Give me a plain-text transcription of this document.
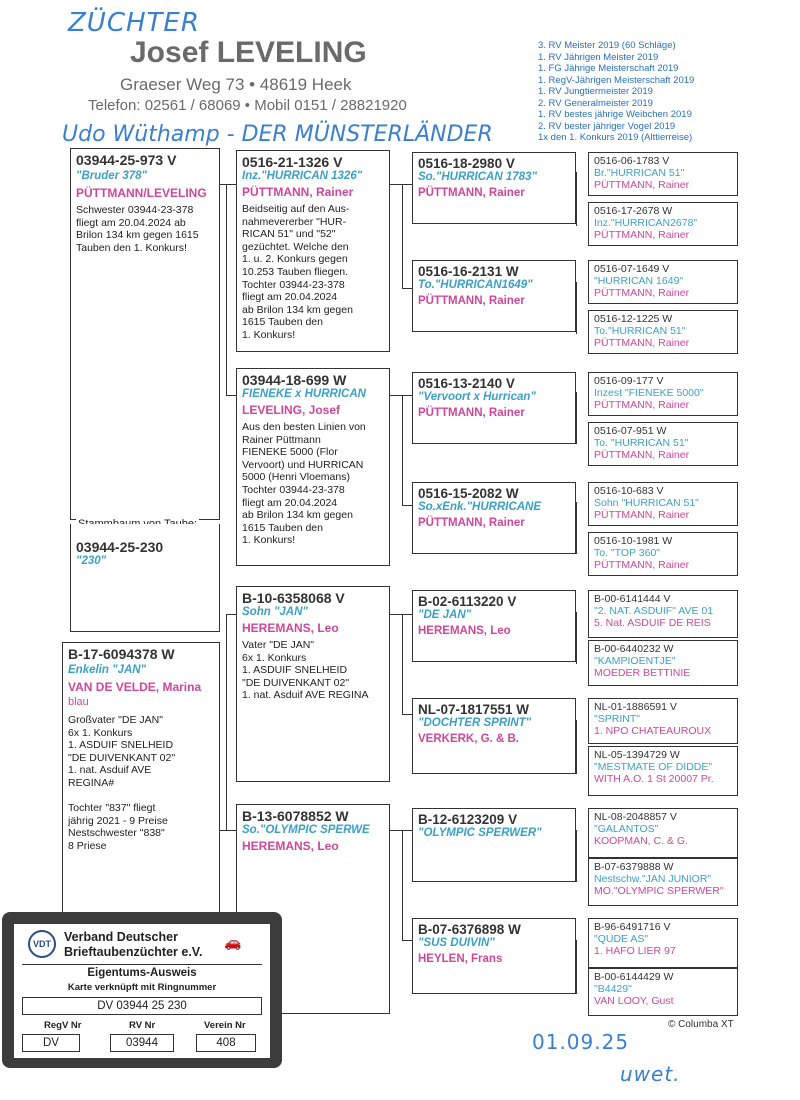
ZÜCHTER
Josef LEVELING
Graeser Weg 73 • 48619 Heek
Telefon: 02561 / 68069 • Mobil 0151 / 28821920
Udo Wüthamp - DER MÜNSTERLÄNDER
3. RV Meister 2019 (60 Schläge)
1. RV Jährigen Meister 2019
1. FG Jährige Meisterschaft 2019
1. RegV-Jährigen Meisterschaft 2019
1. RV Jungtiermeister 2019
2. RV Generalmeister 2019
1. RV bestes jährige Weibchen 2019
2. RV bester jähriger Vogel 2019
1x den 1. Konkurs 2019 (Alttierreise)
03944-25-973 V
"Bruder 378"
PÜTTMANN/LEVELING
Schwester 03944-23-378
fliegt am 20.04.2024 ab
Brilon 134 km gegen 1615
Tauben den 1. Konkurs!
03944-25-230
"230"
B-17-6094378 W
Enkelin "JAN"
VAN DE VELDE, Marina
blau
Großvater "DE JAN"
6x 1. Konkurs
1. ASDUIF SNELHEID
"DE DUIVENKANT 02"
1. nat. Asduif AVE
REGINA#

Tochter "837" fliegt
jährig 2021 - 9 Preise
Nestschwester "838"
8 Priese
0516-21-1326 V
Inz."HURRICAN 1326"
PÜTTMANN, Rainer
Beidseitig auf den Aus-
nahmevererber "HUR-
RICAN 51" und "52"
gezüchtet. Welche den
1. u. 2. Konkurs gegen
10.253 Tauben fliegen.
Tochter 03944-23-378
fliegt am 20.04.2024
ab Brilon 134 km gegen
1615 Tauben den
1. Konkurs!
03944-18-699 W
FIENEKE x HURRICAN
LEVELING, Josef
Aus den besten Linien von
Rainer Püttmann
FIENEKE 5000 (Flor
Vervoort) und HURRICAN
5000 (Henri Vloemans)
Tochter 03944-23-378
fliegt am 20.04.2024
ab Brilon 134 km gegen
1615 Tauben den
1. Konkurs!
B-10-6358068 V
Sohn "JAN"
HEREMANS, Leo
Vater "DE JAN"
6x 1. Konkurs
1. ASDUIF SNELHEID
"DE DUIVENKANT 02"
1. nat. Asduif AVE REGINA
B-13-6078852 W
So."OLYMPIC SPERWE
HEREMANS, Leo
0516-18-2980 V
So."HURRICAN 1783"
PÜTTMANN, Rainer
0516-16-2131 W
To."HURRICAN1649"
PÜTTMANN, Rainer
0516-13-2140 V
"Vervoort x Hurrican"
PÜTTMANN, Rainer
0516-15-2082 W
So.xEnk."HURRICANE
PÜTTMANN, Rainer
B-02-6113220 V
"DE JAN"
HEREMANS, Leo
NL-07-1817551 W
"DOCHTER SPRINT"
VERKERK, G. & B.
B-12-6123209 V
"OLYMPIC SPERWER"
B-07-6376898 W
"SUS DUIVIN"
HEYLEN, Frans
0516-06-1783 V
Br."HURRICAN 51"
PÜTTMANN, Rainer
0516-17-2678 W
Inz."HURRICAN2678"
PÜTTMANN, Rainer
0516-07-1649 V
"HURRICAN 1649"
PÜTTMANN, Rainer
0516-12-1225 W
To."HURRICAN 51"
PÜTTMANN, Rainer
0516-09-177 V
Inzest "FIENEKE 5000"
PÜTTMANN, Rainer
0516-07-951 W
To. "HURRICAN 51"
PÜTTMANN, Rainer
0516-10-683 V
Sohn "HURRICAN 51"
PÜTTMANN, Rainer
0516-10-1981 W
To. "TOP 360"
PÜTTMANN, Rainer
B-00-6141444 V
"2. NAT. ASDUIF" AVE 01
5. Nat. ASDUIF DE REIS
B-00-6440232 W
"KAMPIOENTJE"
MOEDER BETTINIE
NL-01-1886591 V
"SPRINT"
1. NPO CHATEAUROUX
NL-05-1394729 W
"MESTMATE OF DIDDE"
WITH A.O. 1 St 20007 Pr.
NL-08-2048857 V
"GALANTOS"
KOOPMAN, C. & G.
B-07-6379888 W
Nestschw."JAN JUNIOR"
MO."OLYMPIC SPERWER"
B-96-6491716 V
"QUDE AS"
1. HAFO LIER 97
B-00-6144429 W
"B4429"
VAN LOOY, Gust
VDT	Verband Deutscher
Brieftaubenzüchter e.V.
🚗
Eigentums-Ausweis
Karte verknüpft mit Ringnummer
DV 03944 25 230
RegV Nr	RV Nr	Verein Nr
DV	03944	408
© Columba XT
01.09.25
uwet.
